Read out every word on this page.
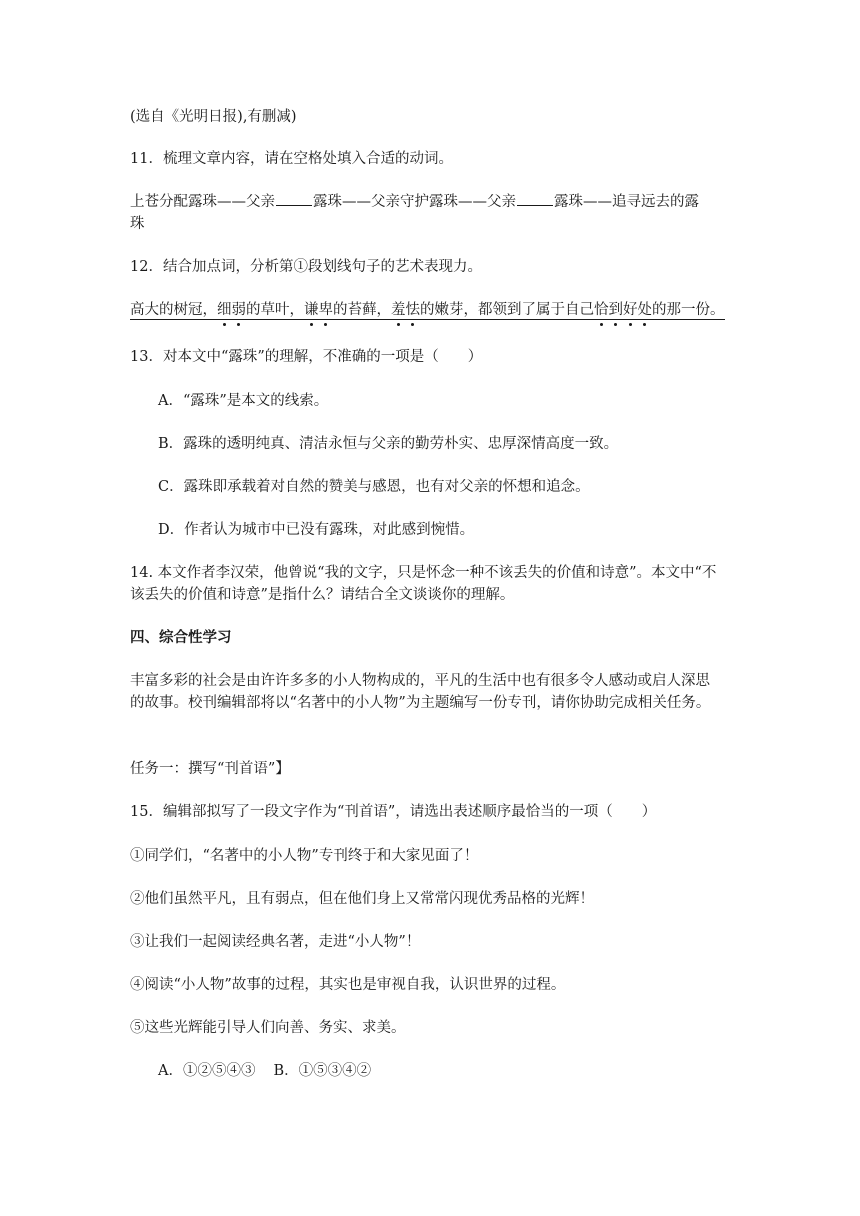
(选自《光明日报),有删减)
11．梳理文章内容，请在空格处填入合适的动词。
上苍分配露珠——父亲	露珠——父亲守护露珠——父亲	露珠——追寻远去的露
珠
12．结合加点词，分析第①段划线句子的艺术表现力。
高大的树冠，细弱的草叶，谦卑的苔藓，羞怯的嫩芽，都领到了属于自己恰到好处的那一份。
13．对本文中“露珠”的理解，不准确的一项是（　　）
A．“露珠”是本文的线索。
B．露珠的透明纯真、清洁永恒与父亲的勤劳朴实、忠厚深情高度一致。
C．露珠即承载着对自然的赞美与感恩，也有对父亲的怀想和追念。
D．作者认为城市中已没有露珠，对此感到惋惜。
14. 本文作者李汉荣，他曾说“我的文字，只是怀念一种不该丢失的价值和诗意”。本文中“不
该丢失的价值和诗意”是指什么？请结合全文谈谈你的理解。
四、综合性学习
丰富多彩的社会是由许许多多的小人物构成的，平凡的生活中也有很多令人感动或启人深思
的故事。校刊编辑部将以“名著中的小人物”为主题编写一份专刊，请你协助完成相关任务。
任务一：撰写“刊首语”】
15．编辑部拟写了一段文字作为“刊首语”，请选出表述顺序最恰当的一项（　　）
①同学们，“名著中的小人物”专刊终于和大家见面了！
②他们虽然平凡，且有弱点，但在他们身上又常常闪现优秀品格的光辉！
③让我们一起阅读经典名著，走进“小人物”！
④阅读“小人物”故事的过程，其实也是审视自我，认识世界的过程。
⑤这些光辉能引导人们向善、务实、求美。
A．①②⑤④③ B．①⑤③④②
